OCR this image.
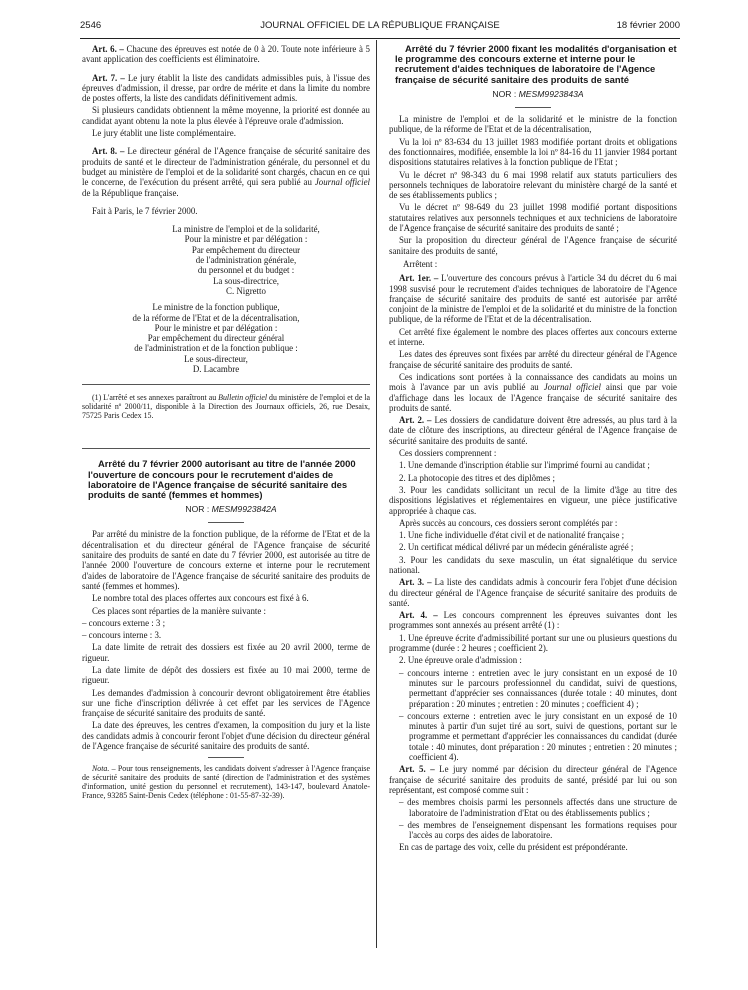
2546	JOURNAL OFFICIEL DE LA RÉPUBLIQUE FRANÇAISE	18 février 2000

Art. 6. – Chacune des épreuves est notée de 0 à 20. Toute note inférieure à 5 avant application des coefficients est éliminatoire.

Art. 7. – Le jury établit la liste des candidats admissibles puis, à l'issue des épreuves d'admission, il dresse, par ordre de mérite et dans la limite du nombre de postes offerts, la liste des candidats définitivement admis.

Si plusieurs candidats obtiennent la même moyenne, la priorité est donnée au candidat ayant obtenu la note la plus élevée à l'épreuve orale d'admission.

Le jury établit une liste complémentaire.

Art. 8. – Le directeur général de l'Agence française de sécurité sanitaire des produits de santé et le directeur de l'administration générale, du personnel et du budget au ministère de l'emploi et de la solidarité sont chargés, chacun en ce qui le concerne, de l'exécution du présent arrêté, qui sera publié au Journal officiel de la République française.

Fait à Paris, le 7 février 2000.

La ministre de l'emploi et de la solidarité,

Pour la ministre et par délégation :

Par empêchement du directeur

de l'administration générale,

du personnel et du budget :

La sous-directrice,

C. Nigretto

Le ministre de la fonction publique,

de la réforme de l'Etat et de la décentralisation,

Pour le ministre et par délégation :

Par empêchement du directeur général

de l'administration et de la fonction publique :

Le sous-directeur,

D. Lacambre

(1) L'arrêté et ses annexes paraîtront au Bulletin officiel du ministère de l'emploi et de la solidarité nº 2000/11, disponible à la Direction des Journaux officiels, 26, rue Desaix, 75725 Paris Cedex 15.

Arrêté du 7 février 2000 autorisant au titre de l'année 2000 l'ouverture de concours pour le recrutement d'aides de laboratoire de l'Agence française de sécurité sanitaire des produits de santé (femmes et hommes)

NOR : MESM9923842A

Par arrêté du ministre de la fonction publique, de la réforme de l'Etat et de la décentralisation et du directeur général de l'Agence française de sécurité sanitaire des produits de santé en date du 7 février 2000, est autorisée au titre de l'année 2000 l'ouverture de concours externe et interne pour le recrutement d'aides de laboratoire de l'Agence française de sécurité sanitaire des produits de santé (femmes et hommes).

Le nombre total des places offertes aux concours est fixé à 6.

Ces places sont réparties de la manière suivante :

– concours externe : 3 ;

– concours interne : 3.

La date limite de retrait des dossiers est fixée au 20 avril 2000, terme de rigueur.

La date limite de dépôt des dossiers est fixée au 10 mai 2000, terme de rigueur.

Les demandes d'admission à concourir devront obligatoirement être établies sur une fiche d'inscription délivrée à cet effet par les services de l'Agence française de sécurité sanitaire des produits de santé.

La date des épreuves, les centres d'examen, la composition du jury et la liste des candidats admis à concourir feront l'objet d'une décision du directeur général de l'Agence française de sécurité sanitaire des produits de santé.

Nota. – Pour tous renseignements, les candidats doivent s'adresser à l'Agence française de sécurité sanitaire des produits de santé (direction de l'administration et des systèmes d'information, unité gestion du personnel et recrutement), 143-147, boulevard Anatole-France, 93285 Saint-Denis Cedex (téléphone : 01-55-87-32-39).

Arrêté du 7 février 2000 fixant les modalités d'organisation et le programme des concours externe et interne pour le recrutement d'aides techniques de laboratoire de l'Agence française de sécurité sanitaire des produits de santé

NOR : MESM9923843A

La ministre de l'emploi et de la solidarité et le ministre de la fonction publique, de la réforme de l'Etat et de la décentralisation,

Vu la loi nº 83-634 du 13 juillet 1983 modifiée portant droits et obligations des fonctionnaires, modifiée, ensemble la loi nº 84-16 du 11 janvier 1984 portant dispositions statutaires relatives à la fonction publique de l'Etat ;

Vu le décret nº 98-343 du 6 mai 1998 relatif aux statuts particuliers des personnels techniques de laboratoire relevant du ministère chargé de la santé et de ses établissements publics ;

Vu le décret nº 98-649 du 23 juillet 1998 modifié portant dispositions statutaires relatives aux personnels techniques et aux techniciens de laboratoire de l'Agence française de sécurité sanitaire des produits de santé ;

Sur la proposition du directeur général de l'Agence française de sécurité sanitaire des produits de santé,

Arrêtent :

Art. 1er. – L'ouverture des concours prévus à l'article 34 du décret du 6 mai 1998 susvisé pour le recrutement d'aides techniques de laboratoire de l'Agence française de sécurité sanitaire des produits de santé est autorisée par arrêté conjoint de la ministre de l'emploi et de la solidarité et du ministre de la fonction publique, de la réforme de l'Etat et de la décentralisation.

Cet arrêté fixe également le nombre des places offertes aux concours externe et interne.

Les dates des épreuves sont fixées par arrêté du directeur général de l'Agence française de sécurité sanitaire des produits de santé.

Ces indications sont portées à la connaissance des candidats au moins un mois à l'avance par un avis publié au Journal officiel ainsi que par voie d'affichage dans les locaux de l'Agence française de sécurité sanitaire des produits de santé.

Art. 2. – Les dossiers de candidature doivent être adressés, au plus tard à la date de clôture des inscriptions, au directeur général de l'Agence française de sécurité sanitaire des produits de santé.

Ces dossiers comprennent :

1. Une demande d'inscription établie sur l'imprimé fourni au candidat ;

2. La photocopie des titres et des diplômes ;

3. Pour les candidats sollicitant un recul de la limite d'âge au titre des dispositions législatives et réglementaires en vigueur, une pièce justificative appropriée à chaque cas.

Après succès au concours, ces dossiers seront complétés par :

1. Une fiche individuelle d'état civil et de nationalité française ;

2. Un certificat médical délivré par un médecin généraliste agréé ;

3. Pour les candidats du sexe masculin, un état signalétique du service national.

Art. 3. – La liste des candidats admis à concourir fera l'objet d'une décision du directeur général de l'Agence française de sécurité sanitaire des produits de santé.

Art. 4. – Les concours comprennent les épreuves suivantes dont les programmes sont annexés au présent arrêté (1) :

1. Une épreuve écrite d'admissibilité portant sur une ou plusieurs questions du programme (durée : 2 heures ; coefficient 2).

2. Une épreuve orale d'admission :

– concours interne : entretien avec le jury consistant en un exposé de 10 minutes sur le parcours professionnel du candidat, suivi de questions, permettant d'apprécier ses connaissances (durée totale : 40 minutes, dont préparation : 20 minutes ; entretien : 20 minutes ; coefficient 4) ;

– concours externe : entretien avec le jury consistant en un exposé de 10 minutes à partir d'un sujet tiré au sort, suivi de questions, portant sur le programme et permettant d'apprécier les connaissances du candidat (durée totale : 40 minutes, dont préparation : 20 minutes ; entretien : 20 minutes ; coefficient 4).

Art. 5. – Le jury nommé par décision du directeur général de l'Agence française de sécurité sanitaire des produits de santé, présidé par lui ou son représentant, est composé comme suit :

– des membres choisis parmi les personnels affectés dans une structure de laboratoire de l'administration d'Etat ou des établissements publics ;

– des membres de l'enseignement dispensant les formations requises pour l'accès au corps des aides de laboratoire.

En cas de partage des voix, celle du président est prépondérante.
